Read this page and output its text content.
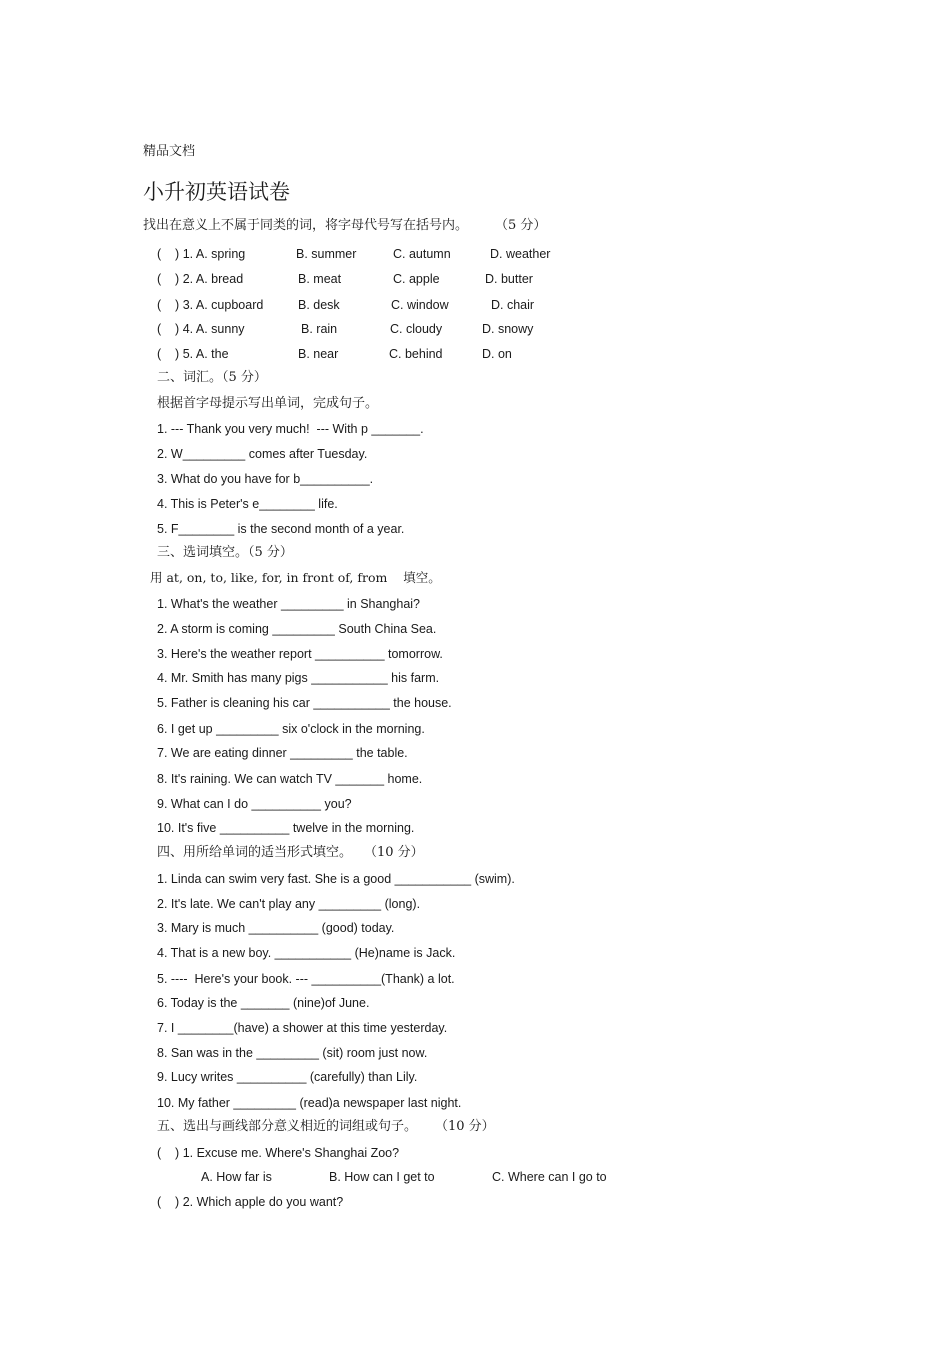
精品文档
小升初英语试卷
找出在意义上不属于同类的词，将字母代号写在括号内。 （5 分）
(    ) 1. A. spring	B. summer	C. autumn	D. weather
(    ) 2. A. bread	B. meat	C. apple	D. butter
(    ) 3. A. cupboard	B. desk	C. window	D. chair
(    ) 4. A. sunny	B. rain	C. cloudy	D. snowy
(    ) 5. A. the	B. near	C. behind	D. on
二、词汇。（5 分）
根据首字母提示写出单词，完成句子。
1. --- Thank you very much!  --- With p _______.
2. W_________ comes after Tuesday.
3. What do you have for b__________.
4. This is Peter's e________ life.
5. F________ is the second month of a year.
三、选词填空。（5 分）
用 at, on, to, like, for, in front of, from    填空。
1. What's the weather _________ in Shanghai?
2. A storm is coming _________ South China Sea.
3. Here's the weather report __________ tomorrow.
4. Mr. Smith has many pigs ___________ his farm.
5. Father is cleaning his car ___________ the house.
6. I get up _________ six o'clock in the morning.
7. We are eating dinner _________ the table.
8. It's raining. We can watch TV _______ home.
9. What can I do __________ you?
10. It's five __________ twelve in the morning.
四、用所给单词的适当形式填空。 （10 分）
1. Linda can swim very fast. She is a good ___________ (swim).
2. It's late. We can't play any _________ (long).
3. Mary is much __________ (good) today.
4. That is a new boy. ___________ (He)name is Jack.
5. ----  Here's your book. --- __________(Thank) a lot.
6. Today is the _______ (nine)of June.
7. I ________(have) a shower at this time yesterday.
8. San was in the _________ (sit) room just now.
9. Lucy writes __________ (carefully) than Lily.
10. My father _________ (read)a newspaper last night.
五、选出与画线部分意义相近的词组或句子。 （10 分）
(    ) 1. Excuse me. Where's Shanghai Zoo?
A. How far is	B. How can I get to	C. Where can I go to
(    ) 2. Which apple do you want?
